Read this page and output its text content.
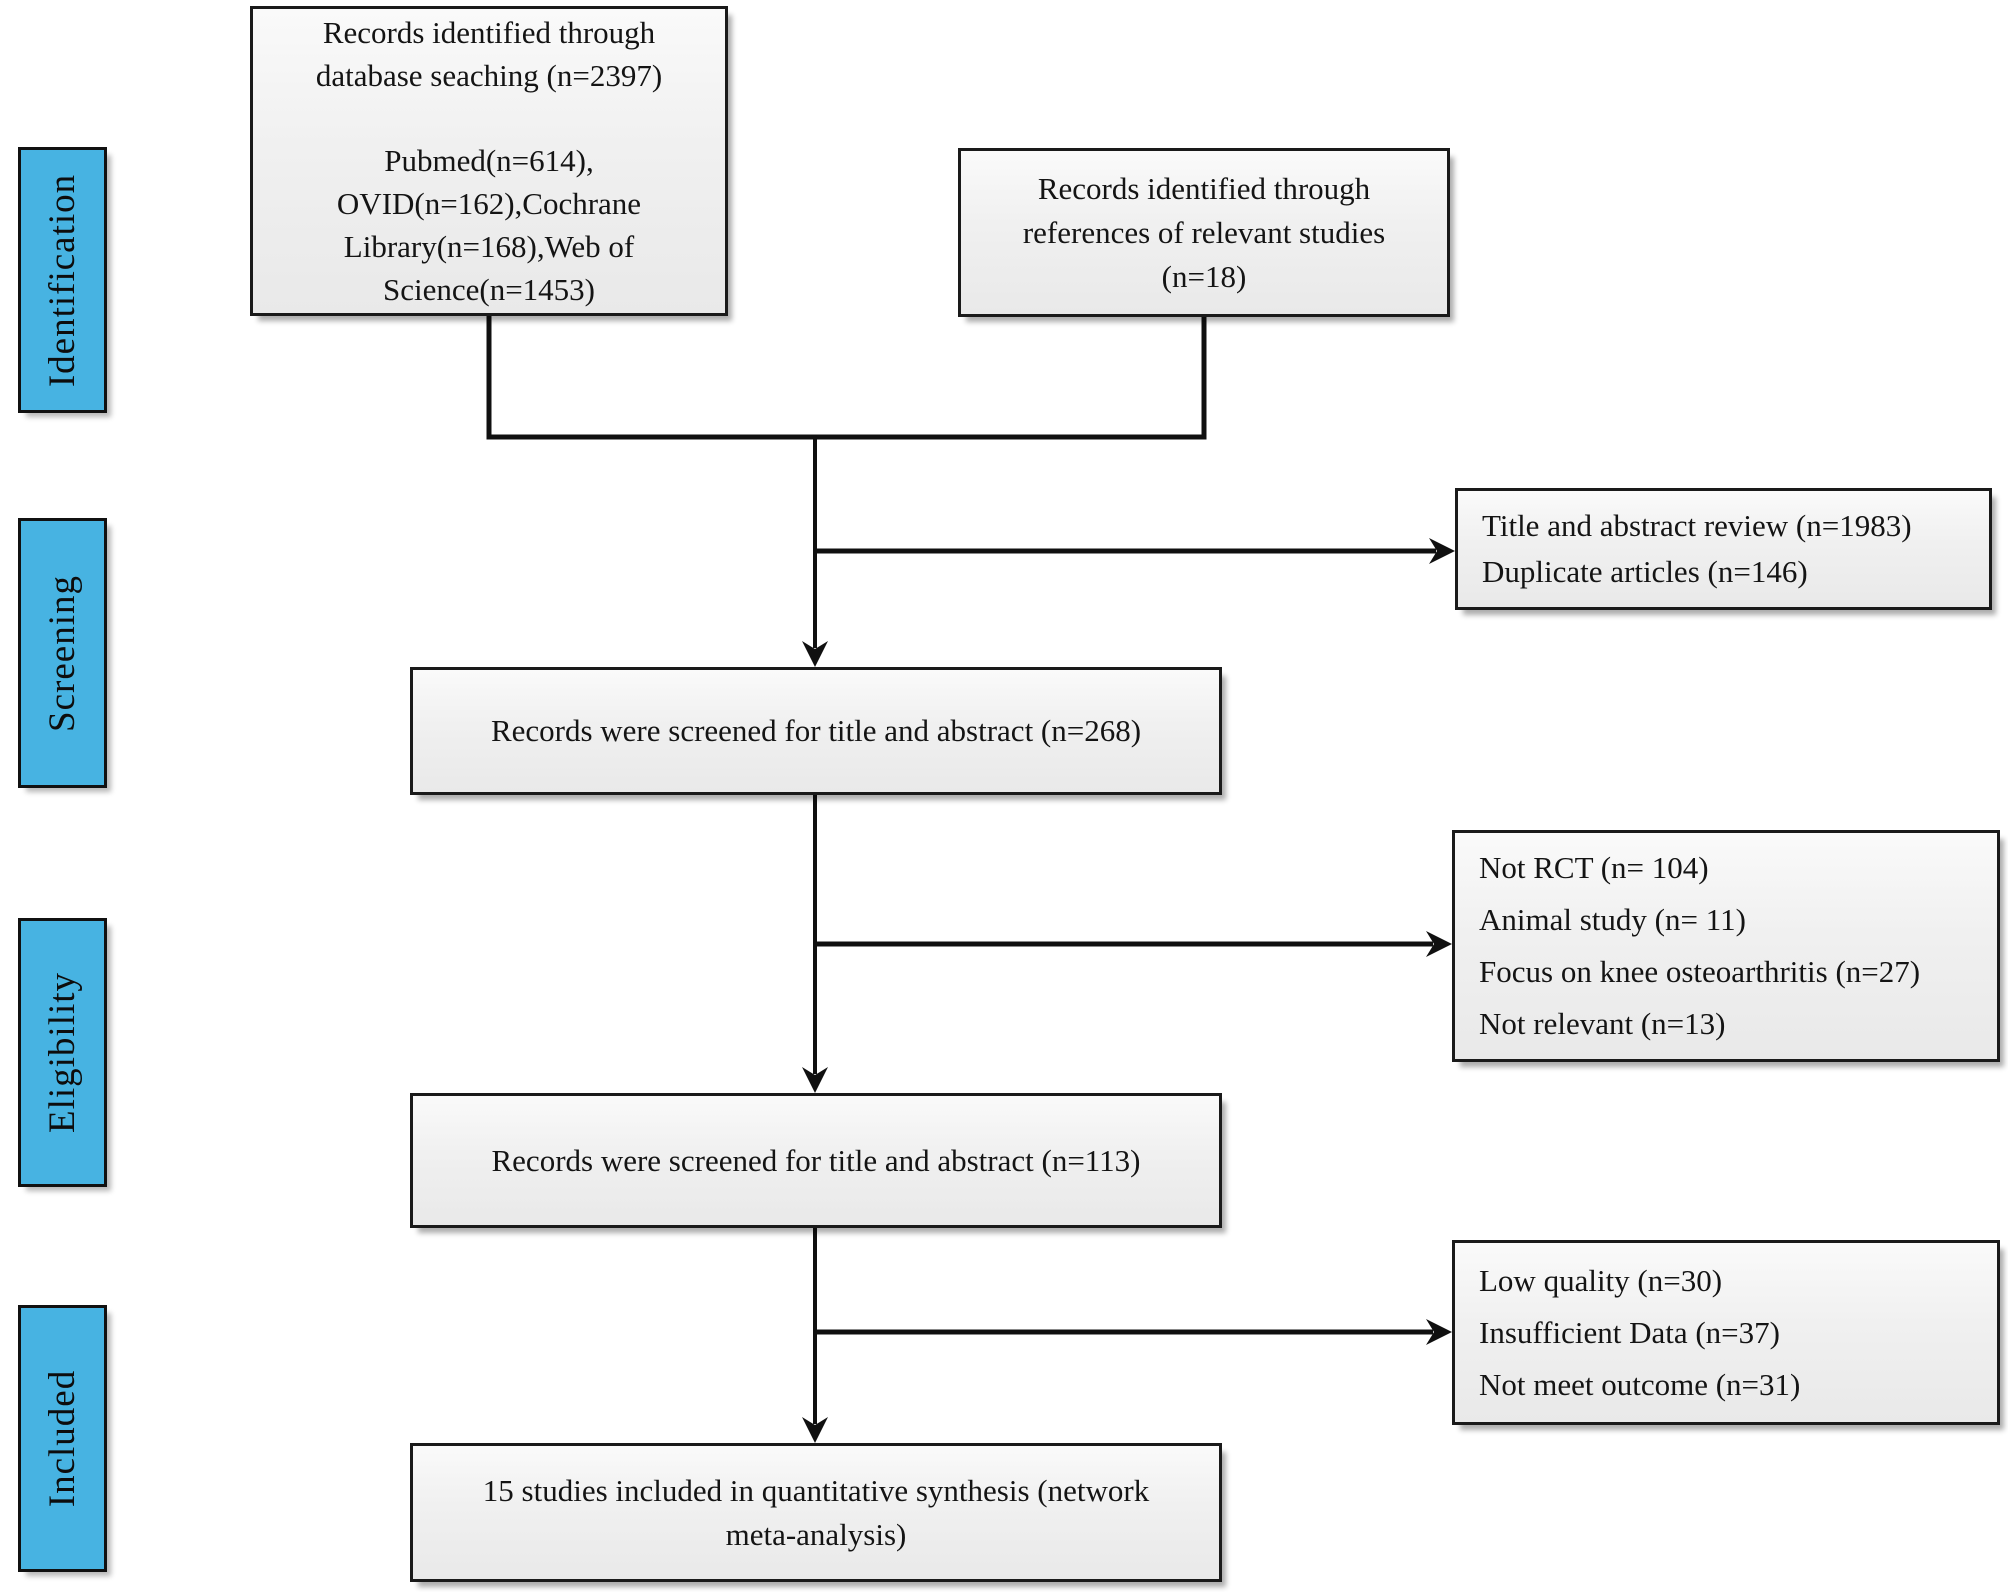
Identification
Screening
Eligibility
Included
Records identified through
database seaching (n=2397)
Pubmed(n=614),
OVID(n=162),Cochrane
Library(n=168),Web of
Science(n=1453)
Records identified through
references of relevant studies
(n=18)
Title and abstract review (n=1983)
Duplicate articles (n=146)
Records were screened for title and abstract (n=268)
Not RCT (n= 104)
Animal study (n= 11)
Focus on knee osteoarthritis (n=27)
Not relevant (n=13)
Records were screened for title and abstract (n=113)
Low quality (n=30)
Insufficient Data (n=37)
Not meet outcome (n=31)
15 studies included in quantitative synthesis (network
meta-analysis)
